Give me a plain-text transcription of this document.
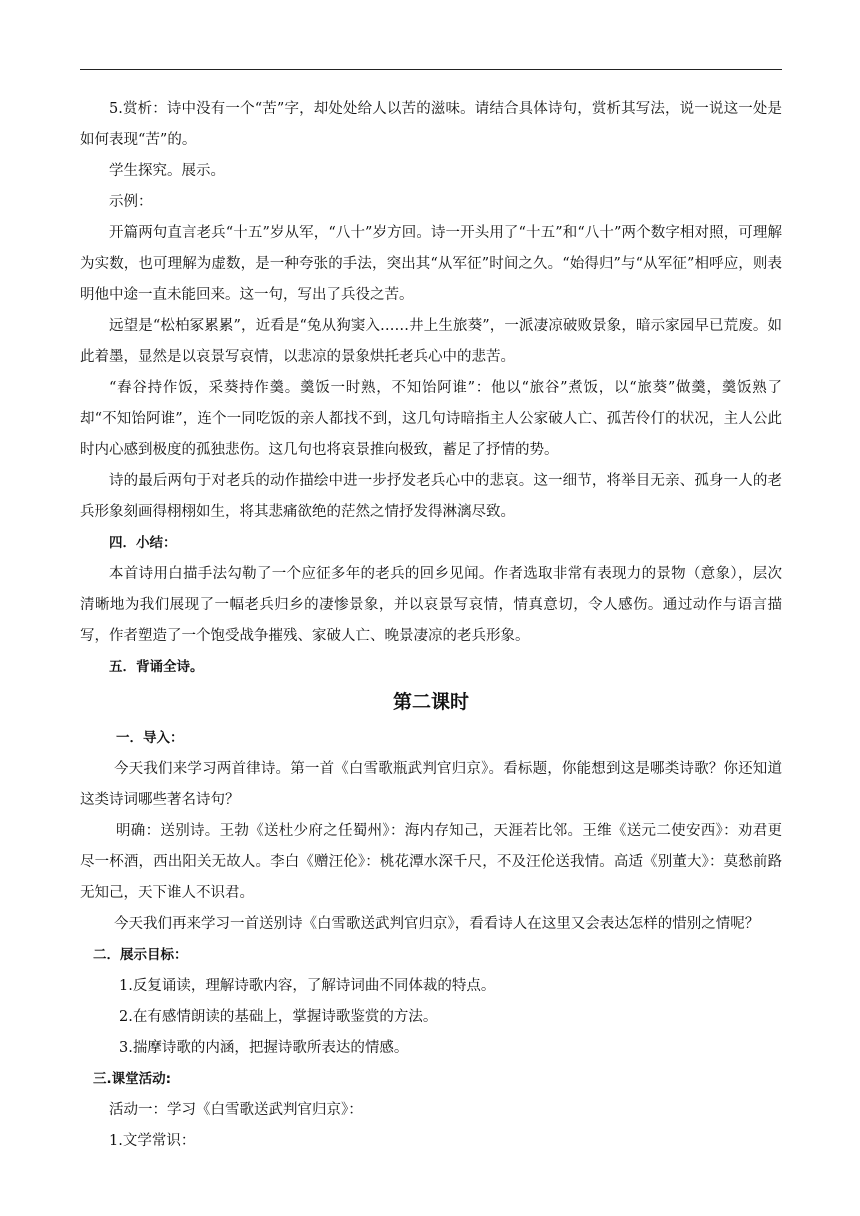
5.赏析：诗中没有一个“苦”字，却处处给人以苦的滋味。请结合具体诗句，赏析其写法，说一说这一处是如何表现“苦”的。

学生探究。展示。

示例：

开篇两句直言老兵“十五”岁从军，“八十”岁方回。诗一开头用了“十五”和“八十”两个数字相对照，可理解为实数，也可理解为虚数，是一种夸张的手法，突出其“从军征”时间之久。“始得归”与“从军征”相呼应，则表明他中途一直未能回来。这一句，写出了兵役之苦。

远望是“松柏冢累累”，近看是“兔从狗窦入……井上生旅葵”，一派凄凉破败景象，暗示家园早已荒废。如此着墨，显然是以哀景写哀情，以悲凉的景象烘托老兵心中的悲苦。

“舂谷持作饭，采葵持作羹。羹饭一时熟，不知饴阿谁”：他以“旅谷”煮饭，以“旅葵”做羹，羹饭熟了却“不知饴阿谁”，连个一同吃饭的亲人都找不到，这几句诗暗指主人公家破人亡、孤苦伶仃的状况，主人公此时内心感到极度的孤独悲伤。这几句也将哀景推向极致，蓄足了抒情的势。

诗的最后两句于对老兵的动作描绘中进一步抒发老兵心中的悲哀。这一细节，将举目无亲、孤身一人的老兵形象刻画得栩栩如生，将其悲痛欲绝的茫然之情抒发得淋漓尽致。

四．小结：

本首诗用白描手法勾勒了一个应征多年的老兵的回乡见闻。作者选取非常有表现力的景物（意象），层次清晰地为我们展现了一幅老兵归乡的凄惨景象，并以哀景写哀情，情真意切，令人感伤。通过动作与语言描写，作者塑造了一个饱受战争摧残、家破人亡、晚景凄凉的老兵形象。

五．背诵全诗。

第二课时

一．导入：

今天我们来学习两首律诗。第一首《白雪歌瓶武判官归京》。看标题，你能想到这是哪类诗歌？你还知道这类诗词哪些著名诗句？

明确：送别诗。王勃《送杜少府之任蜀州》：海内存知己，天涯若比邻。王维《送元二使安西》：劝君更尽一杯酒，西出阳关无故人。李白《赠汪伦》：桃花潭水深千尺，不及汪伦送我情。高适《别董大》：莫愁前路无知己，天下谁人不识君。

今天我们再来学习一首送别诗《白雪歌送武判官归京》，看看诗人在这里又会表达怎样的惜别之情呢？

二．展示目标：

1.反复诵读，理解诗歌内容，了解诗词曲不同体裁的特点。

2.在有感情朗读的基础上，掌握诗歌鉴赏的方法。

3.揣摩诗歌的内涵，把握诗歌所表达的情感。

三.课堂活动:

活动一：学习《白雪歌送武判官归京》：

1.文学常识：
